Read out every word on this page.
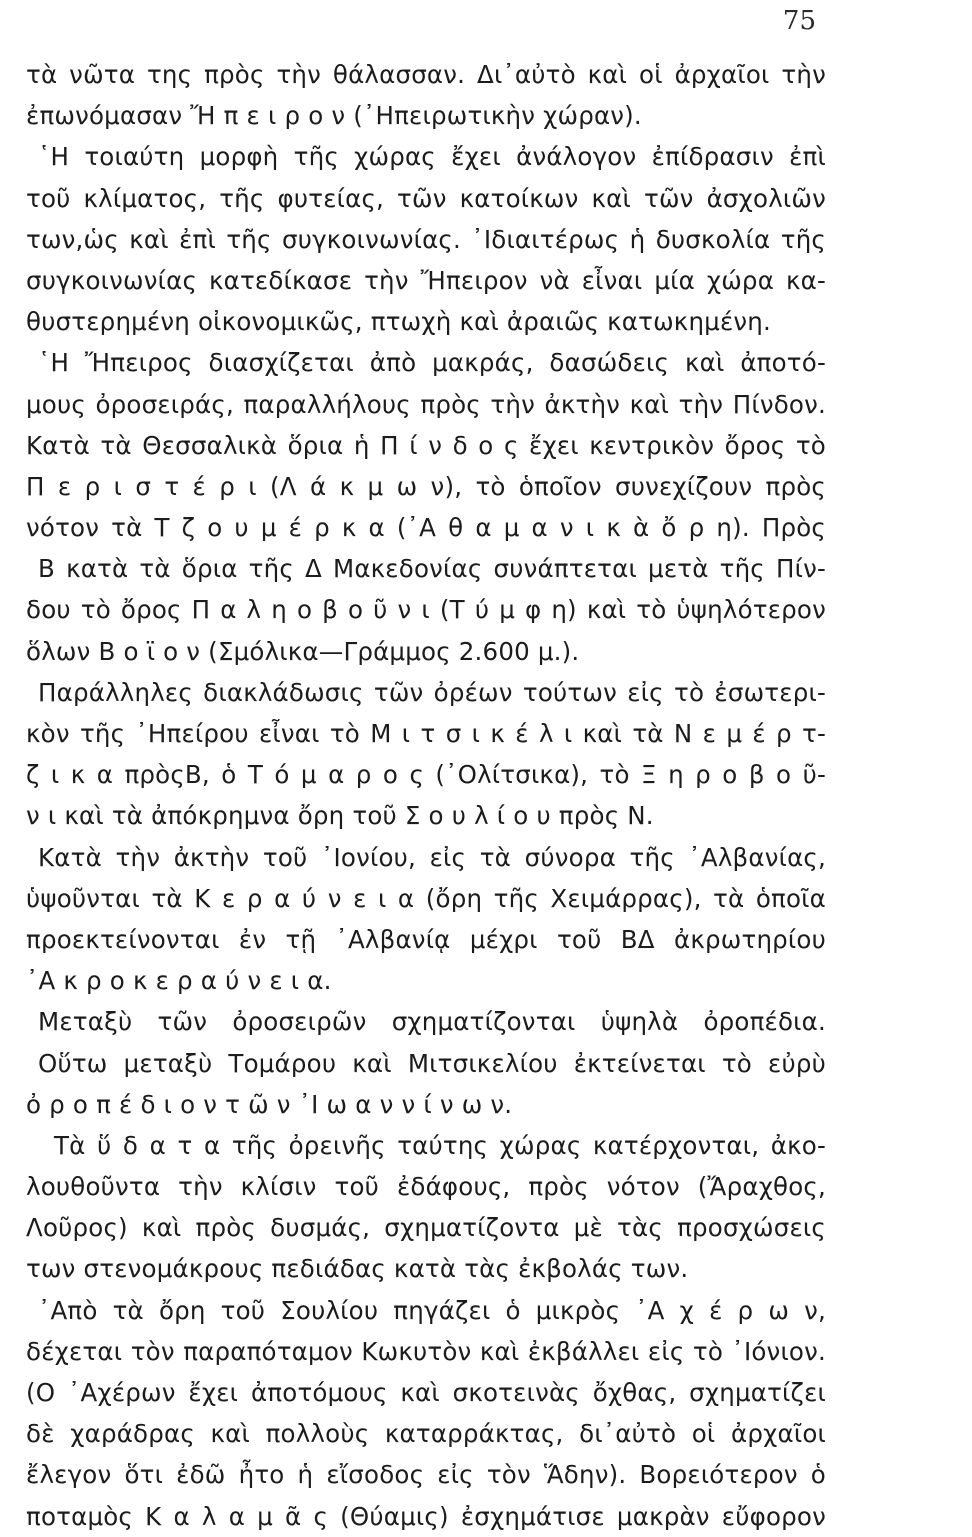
75
τὰ νῶτα της πρὸς τὴν θάλασσαν. Δι᾽αὐτὸ καὶ οἱ ἀρχαῖοι τὴν
ἐπωνόμασαν Ἤ π ε ι ρ ο ν (᾽Ηπειρωτικὴν χώραν).
῾Η τοιαύτη μορφὴ τῆς χώρας ἔχει ἀνάλογον ἐπίδρασιν ἐπὶ
τοῦ κλίματος, τῆς φυτείας, τῶν κατοίκων καὶ τῶν ἀσχολιῶν
των,ὡς καὶ ἐπὶ τῆς συγκοινωνίας. ᾽Ιδιαιτέρως ἡ δυσκολία τῆς
συγκοινωνίας κατεδίκασε τὴν Ἤπειρον νὰ εἶναι μία χώρα κα-
θυστερημένη οἰκονομικῶς, πτωχὴ καὶ ἀραιῶς κατωκημένη.
῾Η Ἤπειρος διασχίζεται ἀπὸ μακράς, δασώδεις καὶ ἀποτό-
μους ὀροσειράς, παραλλήλους πρὸς τὴν ἀκτὴν καὶ τὴν Πίνδον.
Κατὰ τὰ Θεσσαλικὰ ὅρια ἡ Π ί ν δ ο ς ἔχει κεντρικὸν ὄρος τὸ
Π ε ρ ι σ τ έ ρ ι (Λ ά κ μ ω ν), τὸ ὁποῖον συνεχίζουν πρὸς
νότον τὰ Τ ζ ο υ μ έ ρ κ α (᾽Α θ α μ α ν ι κ ὰ ὄ ρ η). Πρὸς
Β κατὰ τὰ ὅρια τῆς Δ Μακεδονίας συνάπτεται μετὰ τῆς Πίν-
δου τὸ ὄρος Π α λ η ο β ο ῦ ν ι (Τ ύ μ φ η) καὶ τὸ ὑψηλότερον
ὅλων Β ο ϊ ο ν (Σμόλικα—Γράμμος 2.600 μ.).
Παράλληλες διακλάδωσις τῶν ὀρέων τούτων εἰς τὸ ἐσωτερι-
κὸν τῆς ᾽Ηπείρου εἶναι τὸ Μ ι τ σ ι κ έ λ ι καὶ τὰ Ν ε μ έ ρ τ-
ζ ι κ α πρὸςΒ, ὁ Τ ό μ α ρ ο ς (᾽Ολίτσικα), τὸ Ξ η ρ ο β ο ῦ-
ν ι καὶ τὰ ἀπόκρημνα ὄρη τοῦ Σ ο υ λ ί ο υ πρὸς Ν.
Κατὰ τὴν ἀκτὴν τοῦ ᾽Ιονίου, εἰς τὰ σύνορα τῆς ᾽Αλβανίας,
ὑψοῦνται τὰ Κ ε ρ α ύ ν ε ι α (ὄρη τῆς Χειμάρρας), τὰ ὁποῖα
προεκτείνονται ἐν τῇ ᾽Αλβανίᾳ μέχρι τοῦ ΒΔ ἀκρωτηρίου
᾽Α κ ρ ο κ ε ρ α ύ ν ε ι α.
Μεταξὺ τῶν ὀροσειρῶν σχηματίζονται ὑψηλὰ ὀροπέδια.
Οὕτω μεταξὺ Τομάρου καὶ Μιτσικελίου ἐκτείνεται τὸ εὐρὺ
ὀ ρ ο π έ δ ι ο ν τ ῶ ν ᾽Ι ω α ν ν ί ν ω ν.
Τὰ ὕ δ α τ α τῆς ὀρεινῆς ταύτης χώρας κατέρχονται, ἀκο-
λουθοῦντα τὴν κλίσιν τοῦ ἐδάφους, πρὸς νότον (Ἄραχθος,
Λοῦρος) καὶ πρὸς δυσμάς, σχηματίζοντα μὲ τὰς προσχώσεις
των στενομάκρους πεδιάδας κατὰ τὰς ἐκβολάς των.
᾽Απὸ τὰ ὄρη τοῦ Σουλίου πηγάζει ὁ μικρὸς ᾽Α χ έ ρ ω ν,
δέχεται τὸν παραπόταμον Κωκυτὸν καὶ ἐκβάλλει εἰς τὸ ᾽Ιόνιον.
(Ο ᾽Αχέρων ἔχει ἀποτόμους καὶ σκοτεινὰς ὄχθας, σχηματίζει
δὲ χαράδρας καὶ πολλοὺς καταρράκτας, δι᾽αὐτὸ οἱ ἀρχαῖοι
ἔλεγον ὅτι ἐδῶ ἦτο ἡ εἴσοδος εἰς τὸν Ἅδην). Βορειότερον ὁ
ποταμὸς Κ α λ α μ ᾶ ς (Θύαμις) ἐσχημάτισε μακρὰν εὔφορον
